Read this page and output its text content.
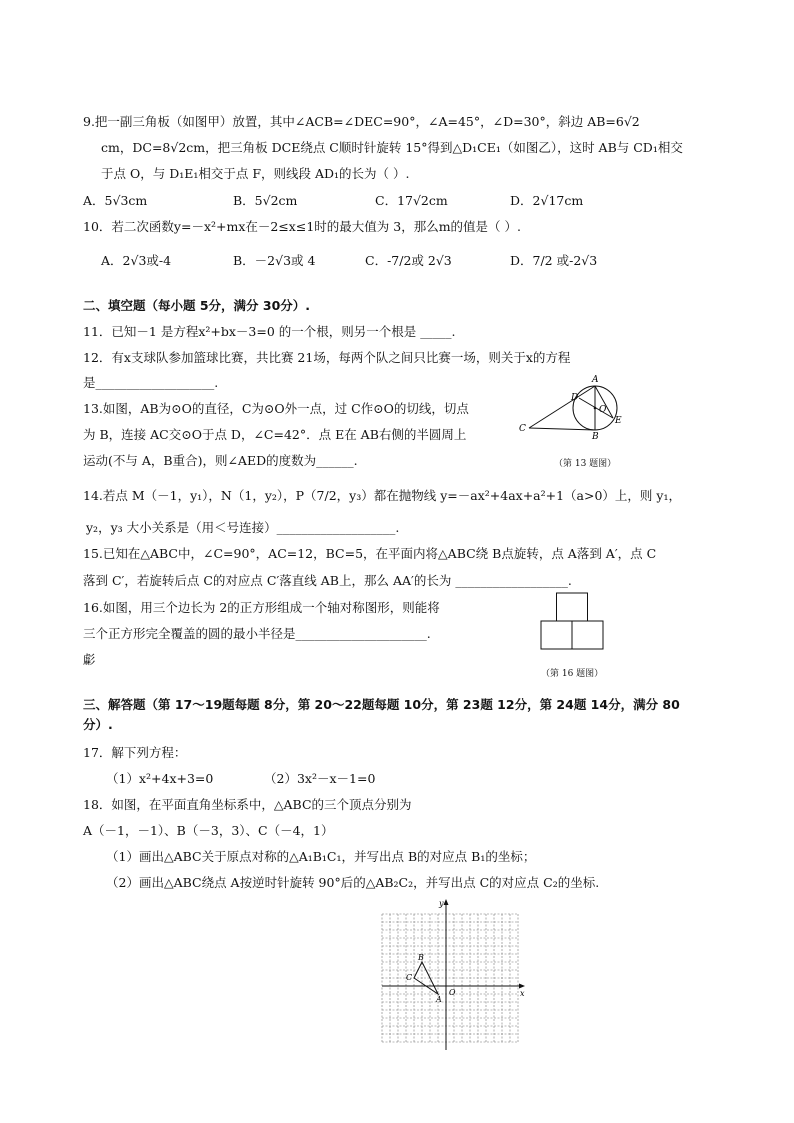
9.把一副三角板（如图甲）放置，其中∠ACB=∠DEC=90°，∠A=45°，∠D=30°，斜边 AB=6√2
cm，DC=8√2cm，把三角板 DCE绕点 C顺时针旋转 15°得到△D₁CE₁（如图乙），这时 AB与 CD₁相交
于点 O，与 D₁E₁相交于点 F，则线段 AD₁的长为（ ）.
A．5√3cm	B．5√2cm	C．17√2cm	D．2√17cm
10．若二次函数y=－x²+mx在－2≤x≤1时的最大值为 3，那么m的值是（ ）.
A．2√3或-4	B．－2√3或 4	C．-7/2或 2√3	D．7/2 或-2√3
二、填空题（每小题 5分，满分 30分）.
11．已知－1 是方程x²+bx－3=0 的一个根，则另一个根是 _____.
12．有x支球队参加篮球比赛，共比赛 21场，每两个队之间只比赛一场，则关于x的方程
是___________________.
13.如图，AB为⊙O的直径，C为⊙O外一点，过 C作⊙O的切线，切点
为 B，连接 AC交⊙O于点 D，∠C=42°．点 E在 AB右侧的半圆周上
运动(不与 A，B重合)，则∠AED的度数为______.
A
B
C
D
E
O
（第 13 题图）
14.若点 M（－1，y₁），N（1，y₂），P（7/2，y₃）都在抛物线 y=－ax²+4ax+a²+1（a>0）上，则 y₁，
y₂，y₃ 大小关系是（用＜号连接）___________________.
15.已知在△ABC中，∠C=90°，AC=12，BC=5，在平面内将△ABC绕 B点旋转，点 A落到 A′，点 C
落到 C′，若旋转后点 C的对应点 C′落直线 AB上，那么 AA′的长为 __________________.
16.如图，用三个边长为 2的正方形组成一个轴对称图形，则能将
三个正方形完全覆盖的圆的最小半径是_____________________.
虨
（第 16 题图）
三、解答题（第 17～19题每题 8分，第 20～22题每题 10分，第 23题 12分，第 24题 14分，满分 80
分）.
17．解下列方程：
（1）x²+4x+3=0	（2）3x²－x－1=0
18．如图，在平面直角坐标系中，△ABC的三个顶点分别为
A（－1，－1）、B（－3，3）、C（－4，1）
（1）画出△ABC关于原点对称的△A₁B₁C₁，并写出点 B的对应点 B₁的坐标；
（2）画出△ABC绕点 A按逆时针旋转 90°后的△AB₂C₂，并写出点 C的对应点 C₂的坐标.
x
y
O
A
B
C
